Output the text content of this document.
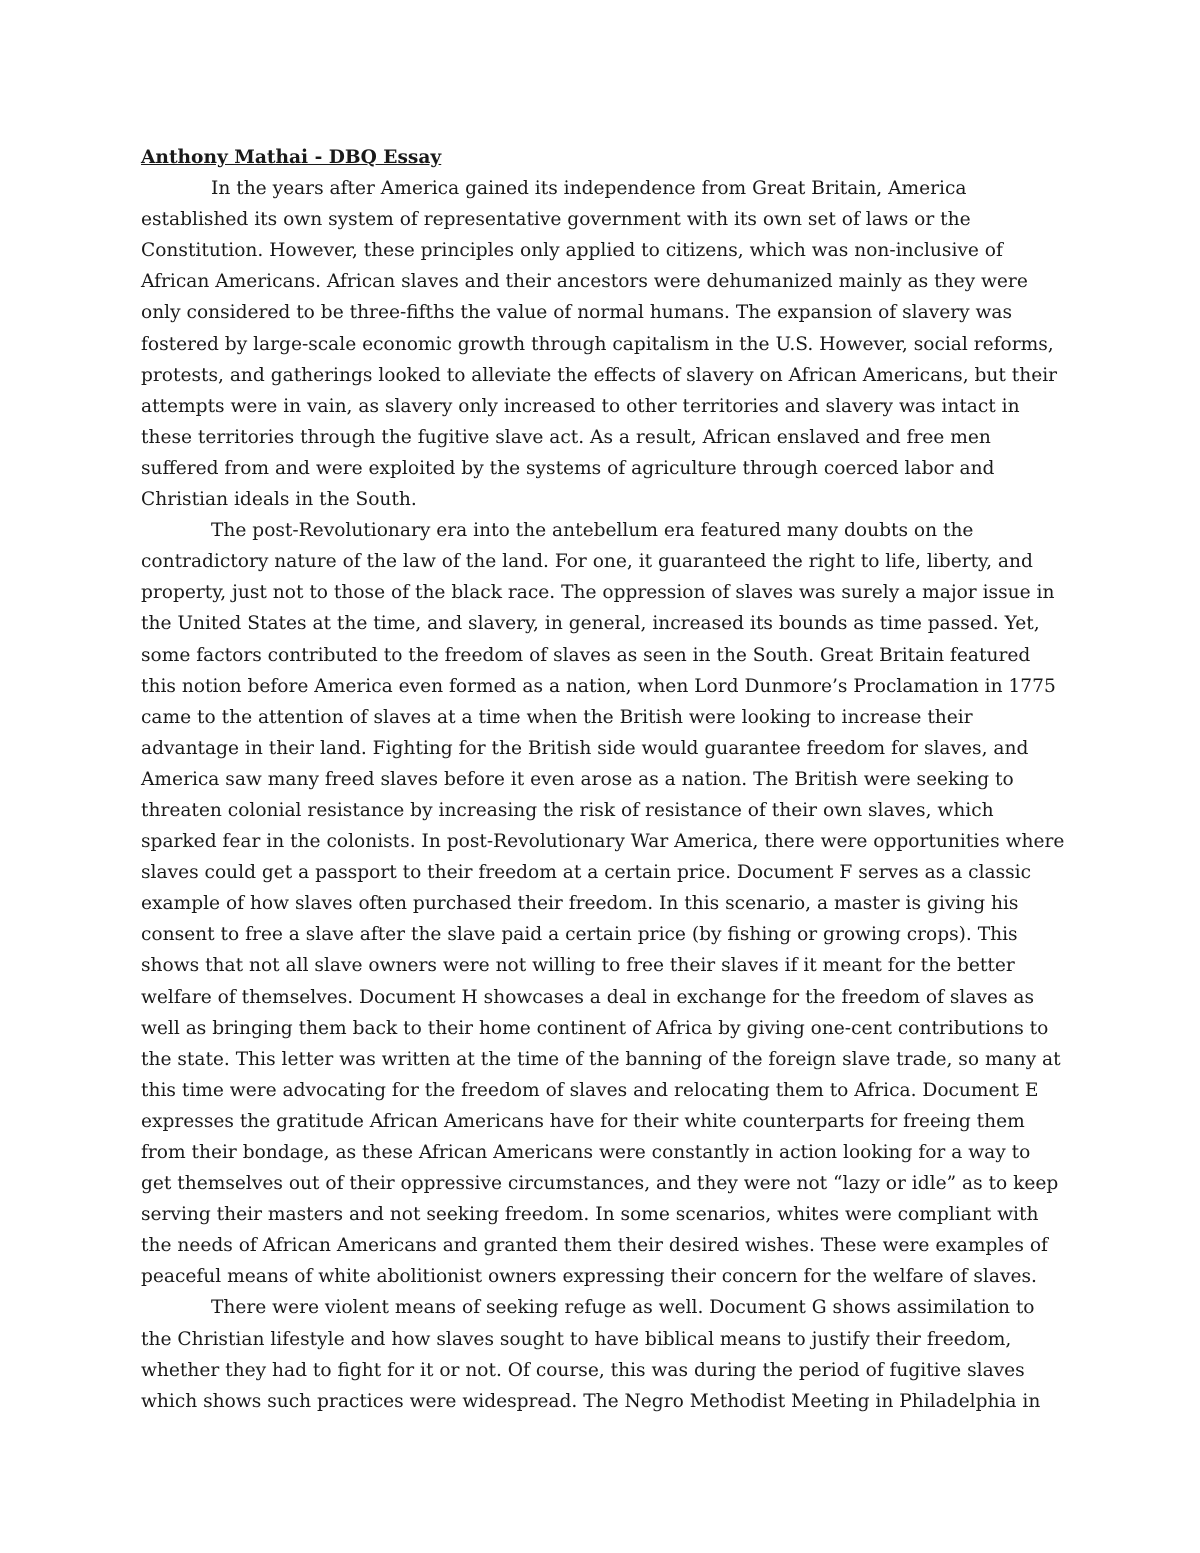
Anthony Mathai - DBQ Essay

In the years after America gained its independence from Great Britain, America established its own system of representative government with its own set of laws or the Constitution. However, these principles only applied to citizens, which was non-inclusive of African Americans. African slaves and their ancestors were dehumanized mainly as they were only considered to be three-fifths the value of normal humans. The expansion of slavery was fostered by large-scale economic growth through capitalism in the U.S. However, social reforms, protests, and gatherings looked to alleviate the effects of slavery on African Americans, but their attempts were in vain, as slavery only increased to other territories and slavery was intact in these territories through the fugitive slave act. As a result, African enslaved and free men suffered from and were exploited by the systems of agriculture through coerced labor and Christian ideals in the South.

The post-Revolutionary era into the antebellum era featured many doubts on the contradictory nature of the law of the land. For one, it guaranteed the right to life, liberty, and property, just not to those of the black race. The oppression of slaves was surely a major issue in the United States at the time, and slavery, in general, increased its bounds as time passed. Yet, some factors contributed to the freedom of slaves as seen in the South. Great Britain featured this notion before America even formed as a nation, when Lord Dunmore’s Proclamation in 1775 came to the attention of slaves at a time when the British were looking to increase their advantage in their land. Fighting for the British side would guarantee freedom for slaves, and America saw many freed slaves before it even arose as a nation. The British were seeking to threaten colonial resistance by increasing the risk of resistance of their own slaves, which sparked fear in the colonists. In post-Revolutionary War America, there were opportunities where slaves could get a passport to their freedom at a certain price. Document F serves as a classic example of how slaves often purchased their freedom. In this scenario, a master is giving his consent to free a slave after the slave paid a certain price (by fishing or growing crops). This shows that not all slave owners were not willing to free their slaves if it meant for the better welfare of themselves. Document H showcases a deal in exchange for the freedom of slaves as well as bringing them back to their home continent of Africa by giving one-cent contributions to the state. This letter was written at the time of the banning of the foreign slave trade, so many at this time were advocating for the freedom of slaves and relocating them to Africa. Document E expresses the gratitude African Americans have for their white counterparts for freeing them from their bondage, as these African Americans were constantly in action looking for a way to get themselves out of their oppressive circumstances, and they were not “lazy or idle” as to keep serving their masters and not seeking freedom. In some scenarios, whites were compliant with the needs of African Americans and granted them their desired wishes. These were examples of peaceful means of white abolitionist owners expressing their concern for the welfare of slaves.

There were violent means of seeking refuge as well. Document G shows assimilation to the Christian lifestyle and how slaves sought to have biblical means to justify their freedom, whether they had to fight for it or not. Of course, this was during the period of fugitive slaves which shows such practices were widespread. The Negro Methodist Meeting in Philadelphia in
